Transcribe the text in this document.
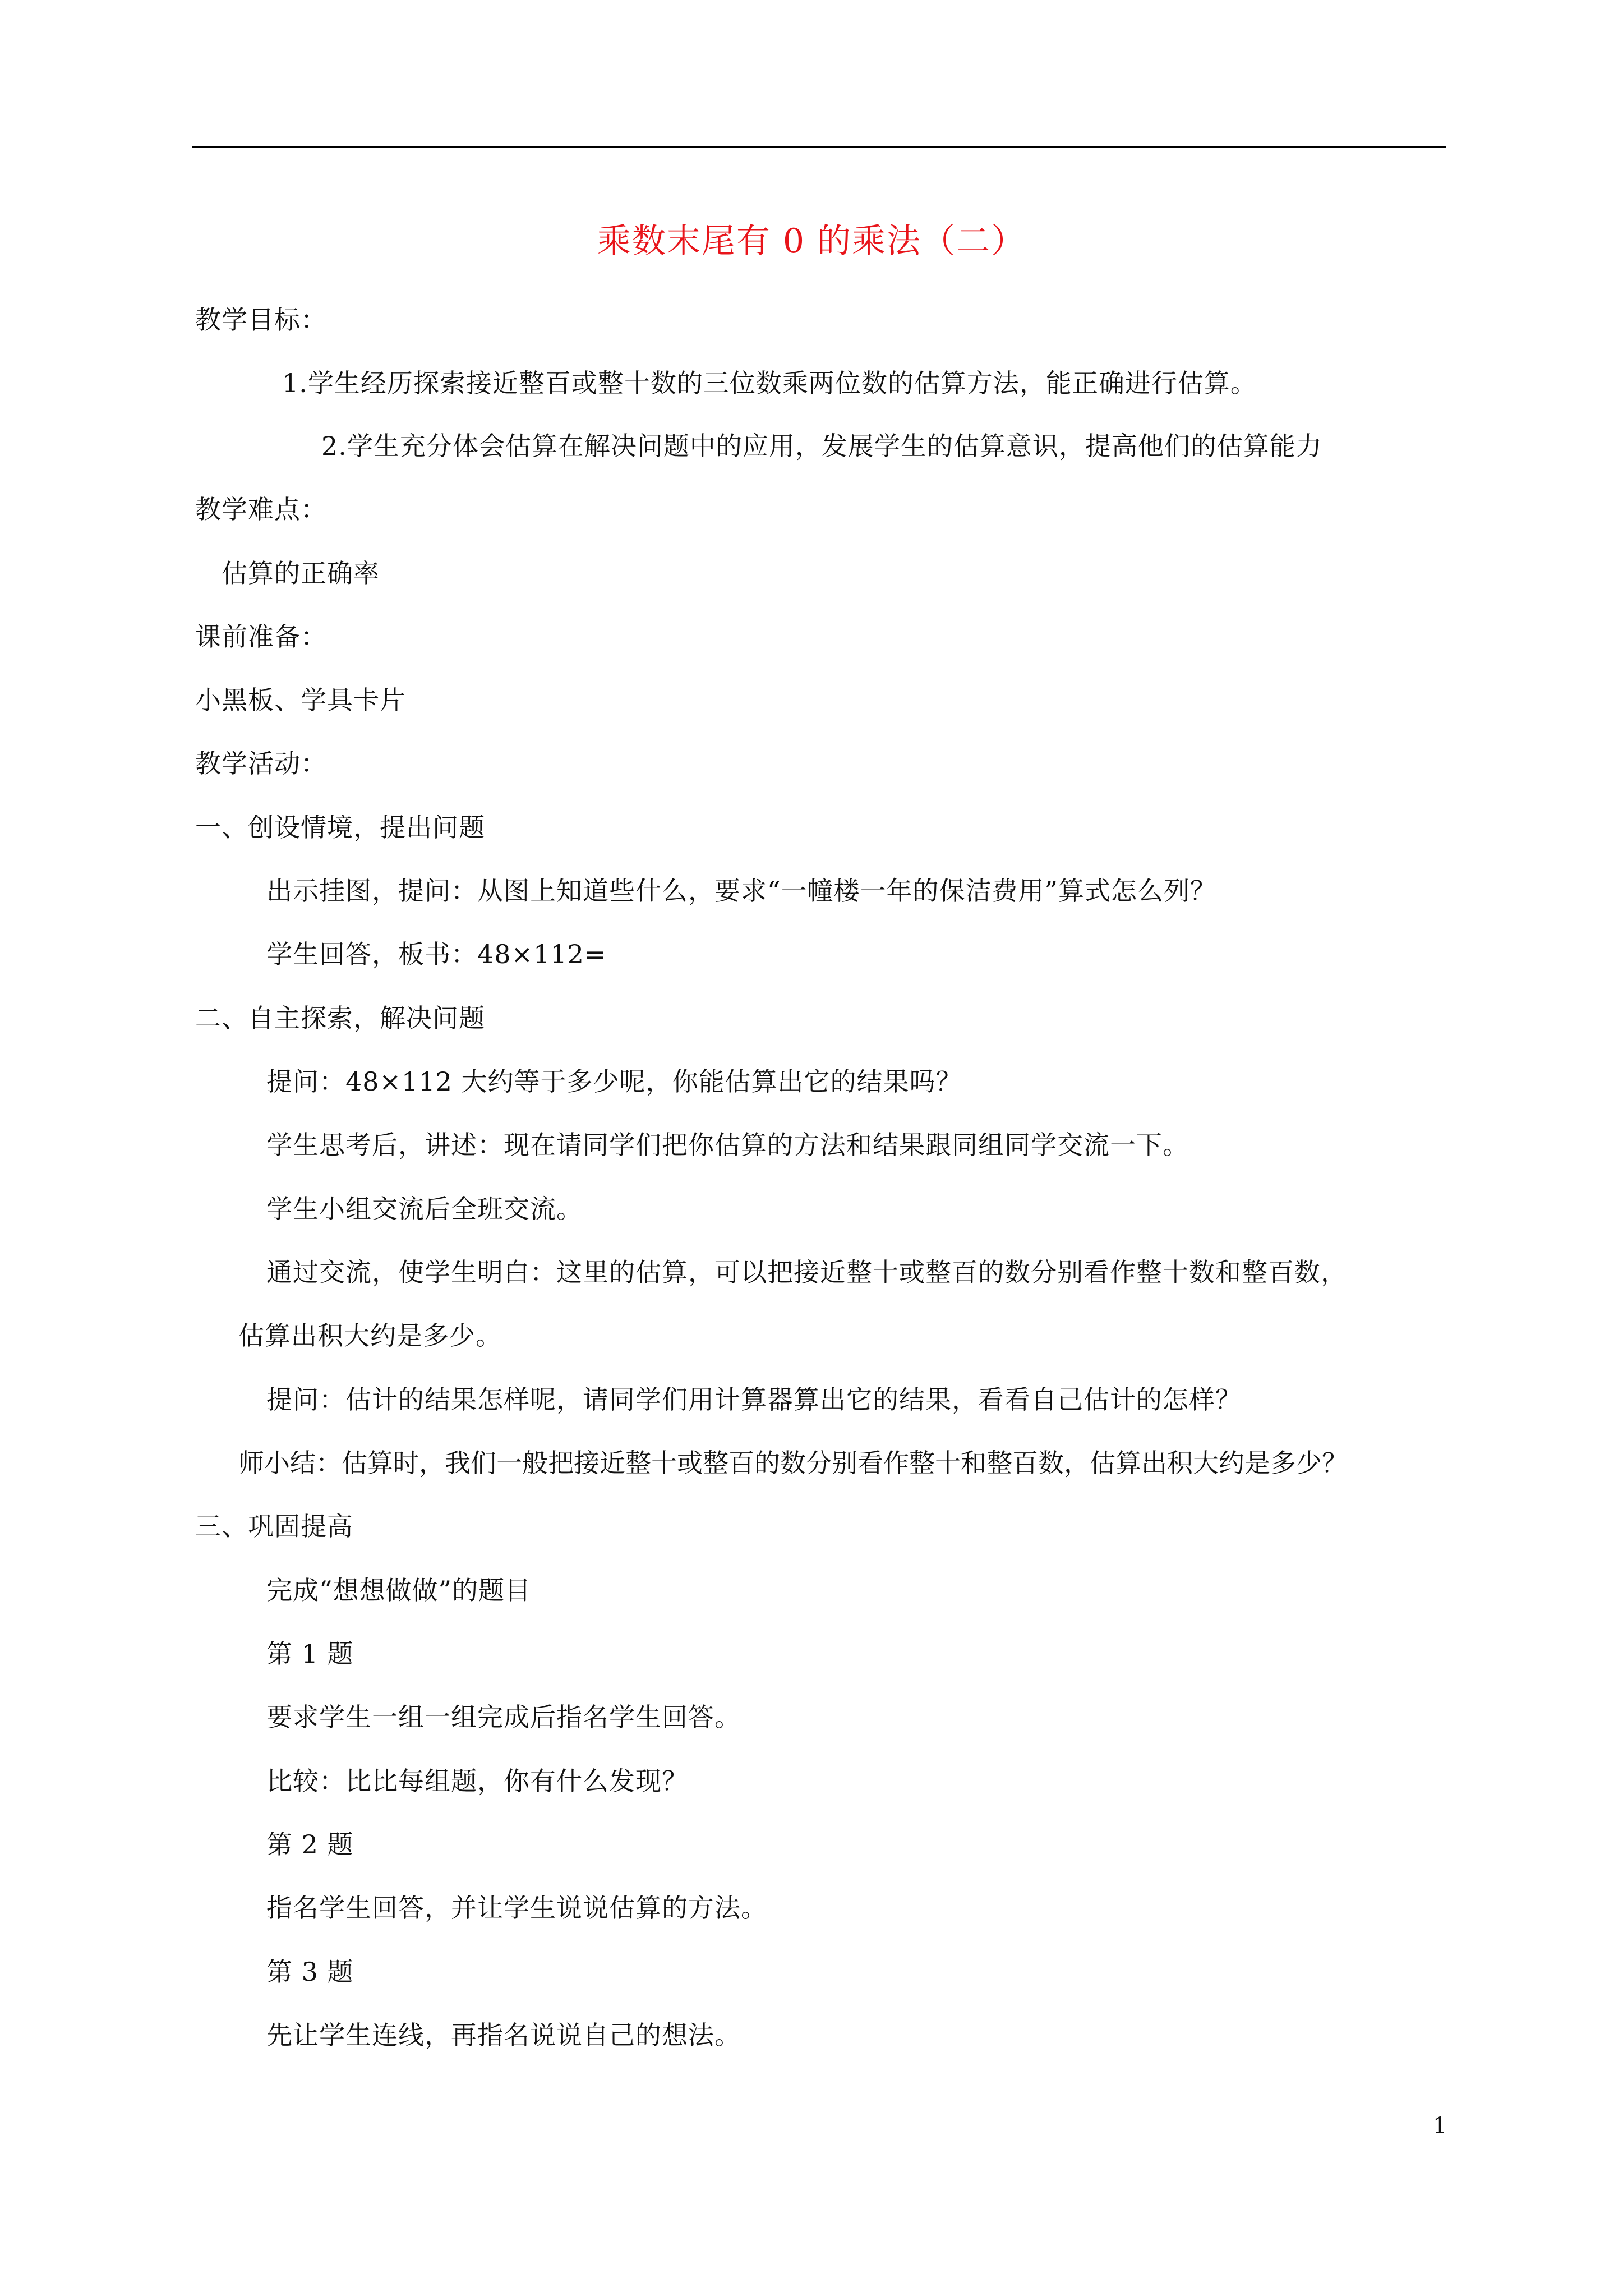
乘数末尾有 0 的乘法（二）
教学目标：
1.学生经历探索接近整百或整十数的三位数乘两位数的估算方法，能正确进行估算。
2.学生充分体会估算在解决问题中的应用，发展学生的估算意识，提高他们的估算能力
教学难点：
估算的正确率
课前准备：
小黑板、学具卡片
教学活动：
一、创设情境，提出问题
出示挂图，提问：从图上知道些什么，要求“一幢楼一年的保洁费用”算式怎么列？
学生回答，板书：48×112=
二、自主探索，解决问题
提问：48×112 大约等于多少呢，你能估算出它的结果吗？
学生思考后，讲述：现在请同学们把你估算的方法和结果跟同组同学交流一下。
学生小组交流后全班交流。
通过交流，使学生明白：这里的估算，可以把接近整十或整百的数分别看作整十数和整百数，
估算出积大约是多少。
提问：估计的结果怎样呢，请同学们用计算器算出它的结果，看看自己估计的怎样？
师小结：估算时，我们一般把接近整十或整百的数分别看作整十和整百数，估算出积大约是多少？
三、巩固提高
完成“想想做做”的题目
第 1 题
要求学生一组一组完成后指名学生回答。
比较：比比每组题，你有什么发现？
第 2 题
指名学生回答，并让学生说说估算的方法。
第 3 题
先让学生连线，再指名说说自己的想法。
1
